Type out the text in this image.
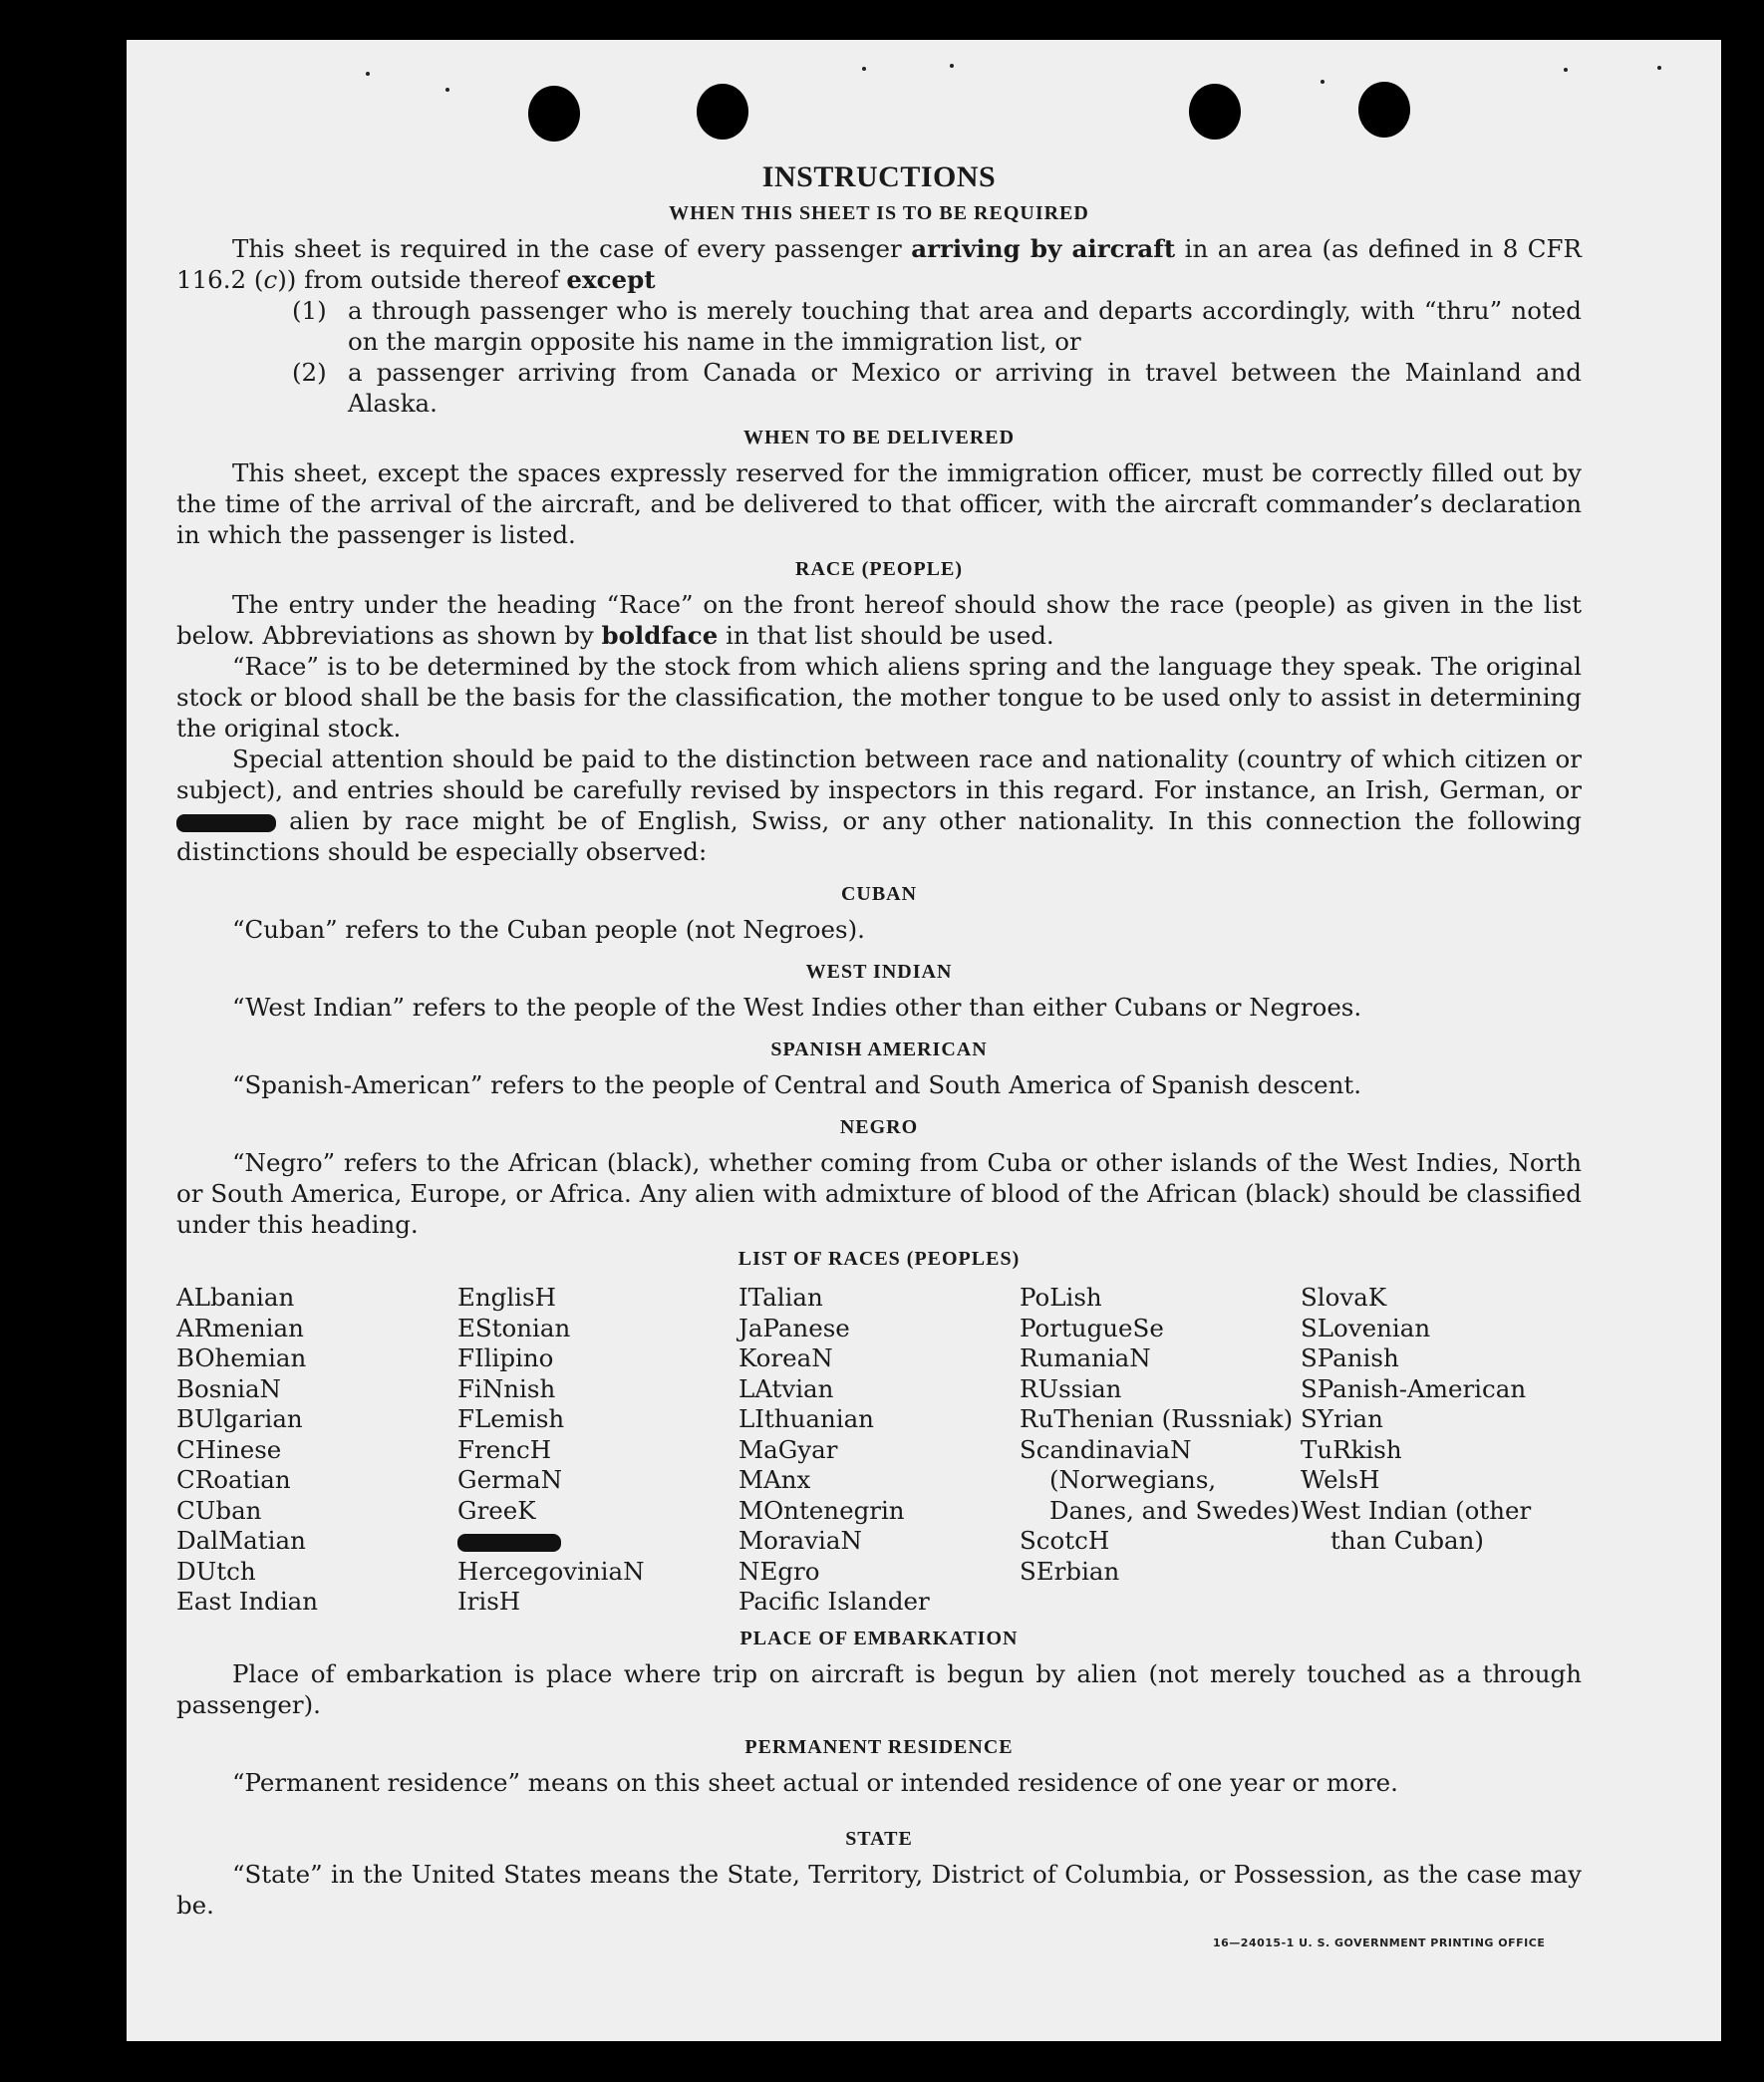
INSTRUCTIONS
WHEN THIS SHEET IS TO BE REQUIRED

This sheet is required in the case of every passenger arriving by aircraft in an area (as defined in 8 CFR 116.2 (c)) from outside thereof except

(1) a through passenger who is merely touching that area and departs accordingly, with “thru” noted on the margin opposite his name in the immigration list, or
(2) a passenger arriving from Canada or Mexico or arriving in travel between the Mainland and Alaska.
WHEN TO BE DELIVERED

This sheet, except the spaces expressly reserved for the immigration officer, must be correctly filled out by the time of the arrival of the aircraft, and be delivered to that officer, with the aircraft commander’s declaration in which the passenger is listed.

RACE (PEOPLE)

The entry under the heading “Race” on the front hereof should show the race (people) as given in the list below. Abbreviations as shown by boldface in that list should be used.

“Race” is to be determined by the stock from which aliens spring and the language they speak. The original stock or blood shall be the basis for the classification, the mother tongue to be used only to assist in determining the original stock.

Special attention should be paid to the distinction between race and nationality (country of which citizen or subject), and entries should be carefully revised by inspectors in this regard. For instance, an Irish, German, or  alien by race might be of English, Swiss, or any other nationality. In this connection the following distinctions should be especially observed:

CUBAN

“Cuban” refers to the Cuban people (not Negroes).

WEST INDIAN

“West Indian” refers to the people of the West Indies other than either Cubans or Negroes.

SPANISH AMERICAN

“Spanish-American” refers to the people of Central and South America of Spanish descent.

NEGRO

“Negro” refers to the African (black), whether coming from Cuba or other islands of the West Indies, North or South America, Europe, or Africa. Any alien with admixture of blood of the African (black) should be classified under this heading.

LIST OF RACES (PEOPLES)
ALbanian
ARmenian
BOhemian
BosniaN
BUlgarian
CHinese
CRoatian
CUban
DalMatian
DUtch
East Indian
EnglisH
EStonian
FIlipino
FiNnish
FLemish
FrencH
GermaN
GreeK
HercegoviniaN
IrisH
ITalian
JaPanese
KoreaN
LAtvian
LIthuanian
MaGyar
MAnx
MOntenegrin
MoraviaN
NEgro
Pacific Islander
PoLish
PortugueSe
RumaniaN
RUssian
RuThenian (Russniak)
ScandinaviaN (Norwegians, Danes, and Swedes)
ScotcH
SErbian
SlovaK
SLovenian
SPanish
SPanish-American
SYrian
TuRkish
WelsH
West Indian (other than Cuban)
PLACE OF EMBARKATION

Place of embarkation is place where trip on aircraft is begun by alien (not merely touched as a through passenger).

PERMANENT RESIDENCE

“Permanent residence” means on this sheet actual or intended residence of one year or more.

STATE

“State” in the United States means the State, Territory, District of Columbia, or Possession, as the case may be.

16—24015-1 U. S. GOVERNMENT PRINTING OFFICE
